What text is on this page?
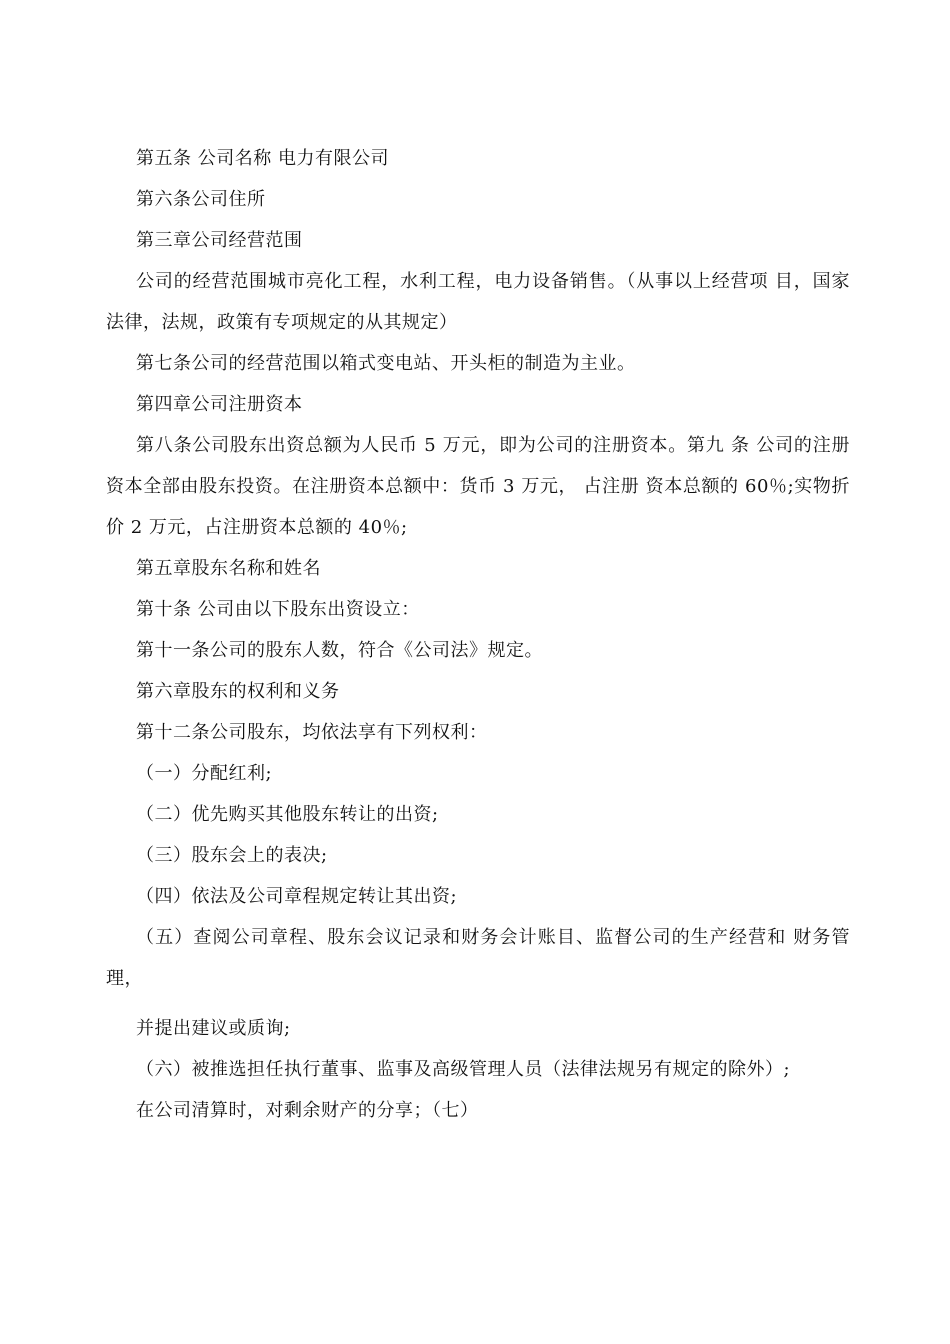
第五条 公司名称 电力有限公司

第六条公司住所

第三章公司经营范围

公司的经营范围城市亮化工程，水利工程，电力设备销售。（从事以上经营项 目，国家法律，法规，政策有专项规定的从其规定）

第七条公司的经营范围以箱式变电站、开头柜的制造为主业。

第四章公司注册资本

第八条公司股东出资总额为人民币 5 万元，即为公司的注册资本。第九 条 公司的注册资本全部由股东投资。在注册资本总额中：货币 3 万元， 占注册 资本总额的 60％;实物折价 2 万元，占注册资本总额的 40％;

第五章股东名称和姓名

第十条 公司由以下股东出资设立：

第十一条公司的股东人数，符合《公司法》规定。

第六章股东的权利和义务

第十二条公司股东，均依法享有下列权利：

（一）分配红利;

（二）优先购买其他股东转让的出资;

（三）股东会上的表决;

（四）依法及公司章程规定转让其出资;

（五）查阅公司章程、股东会议记录和财务会计账目、监督公司的生产经营和 财务管理，

并提出建议或质询;

（六）被推选担任执行董事、监事及高级管理人员（法律法规另有规定的除外）;

在公司清算时，对剩余财产的分享；（七）
